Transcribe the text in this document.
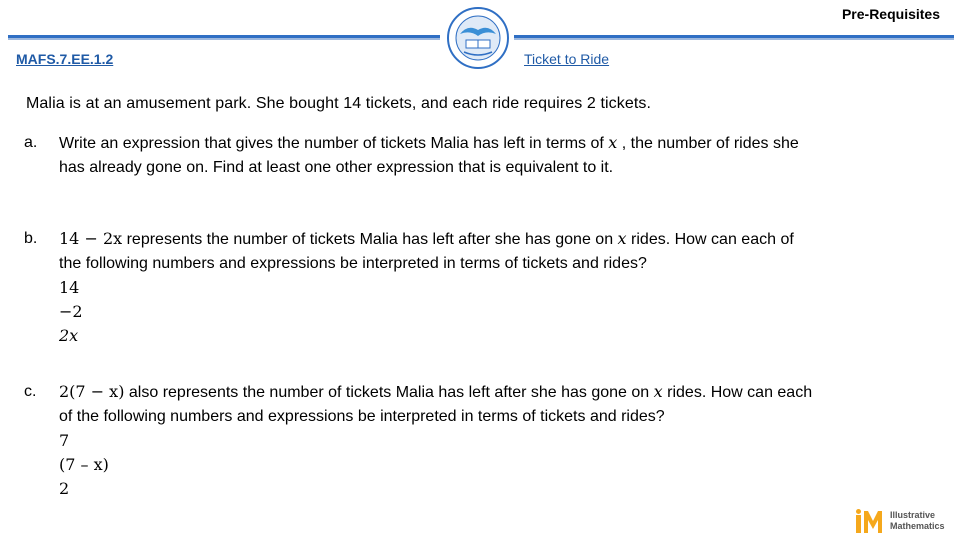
Pre-Requisites
MAFS.7.EE.1.2	Ticket to Ride
Malia is at an amusement park. She bought 14 tickets, and each ride requires 2 tickets.
a. Write an expression that gives the number of tickets Malia has left in terms of x , the number of rides she
has already gone on. Find at least one other expression that is equivalent to it.
b. 14 − 2x represents the number of tickets Malia has left after she has gone on x rides. How can each of
the following numbers and expressions be interpreted in terms of tickets and rides?
14
−2
2x
c. 2(7 − x) also represents the number of tickets Malia has left after she has gone on x rides. How can each
of the following numbers and expressions be interpreted in terms of tickets and rides?
7
(7 – x)
2
Illustrative
Mathematics
